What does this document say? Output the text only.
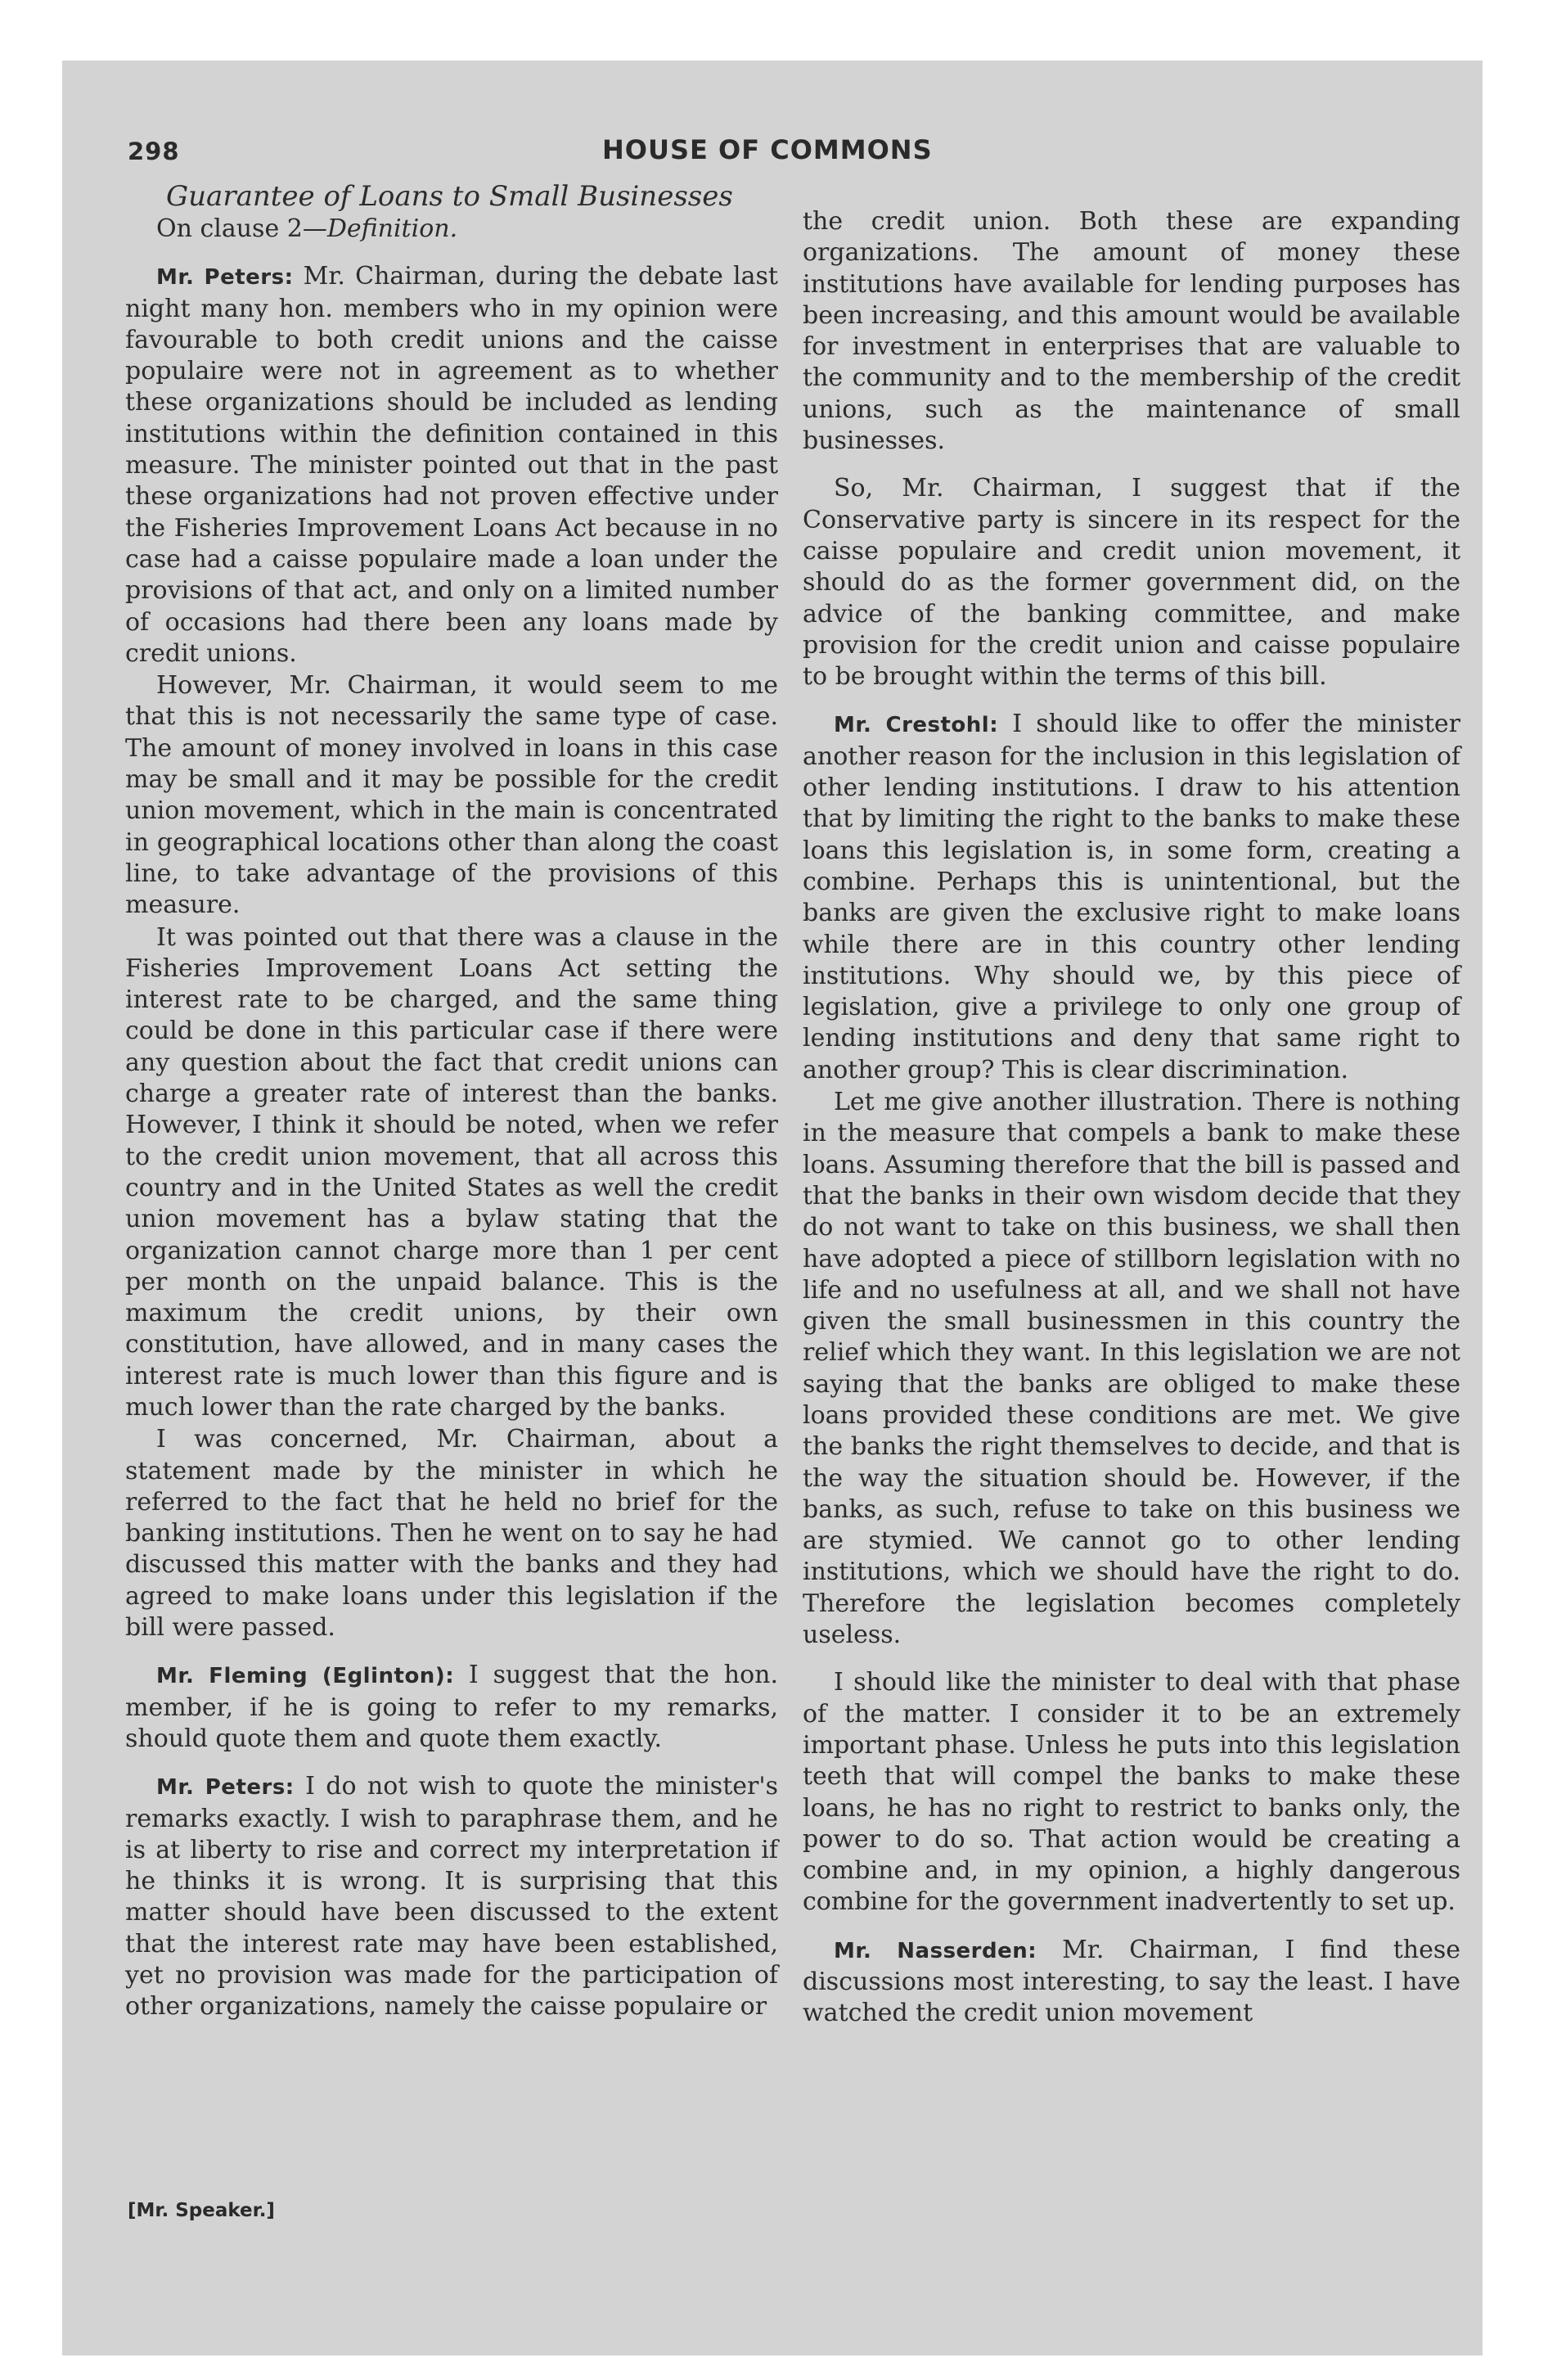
298	HOUSE OF COMMONS

Guarantee of Loans to Small Businesses

On clause 2—Definition.

Mr. Peters: Mr. Chairman, during the debate last night many hon. members who in my opinion were favourable to both credit unions and the caisse populaire were not in agreement as to whether these organizations should be included as lending institutions within the definition contained in this measure. The minister pointed out that in the past these organizations had not proven effective under the Fisheries Improvement Loans Act because in no case had a caisse populaire made a loan under the provisions of that act, and only on a limited number of occasions had there been any loans made by credit unions.

However, Mr. Chairman, it would seem to me that this is not necessarily the same type of case. The amount of money involved in loans in this case may be small and it may be possible for the credit union movement, which in the main is concentrated in geographical locations other than along the coast line, to take advantage of the provisions of this measure.

It was pointed out that there was a clause in the Fisheries Improvement Loans Act setting the interest rate to be charged, and the same thing could be done in this particular case if there were any question about the fact that credit unions can charge a greater rate of interest than the banks. However, I think it should be noted, when we refer to the credit union movement, that all across this country and in the United States as well the credit union movement has a bylaw stating that the organization cannot charge more than 1 per cent per month on the unpaid balance. This is the maximum the credit unions, by their own constitution, have allowed, and in many cases the interest rate is much lower than this figure and is much lower than the rate charged by the banks.

I was concerned, Mr. Chairman, about a statement made by the minister in which he referred to the fact that he held no brief for the banking institutions. Then he went on to say he had discussed this matter with the banks and they had agreed to make loans under this legislation if the bill were passed.

Mr. Fleming (Eglinton): I suggest that the hon. member, if he is going to refer to my remarks, should quote them and quote them exactly.

Mr. Peters: I do not wish to quote the minister's remarks exactly. I wish to paraphrase them, and he is at liberty to rise and correct my interpretation if he thinks it is wrong. It is surprising that this matter should have been discussed to the extent that the interest rate may have been established, yet no provision was made for the participation of other organizations, namely the caisse populaire or

the credit union. Both these are expanding organizations. The amount of money these institutions have available for lending purposes has been increasing, and this amount would be available for investment in enterprises that are valuable to the community and to the membership of the credit unions, such as the maintenance of small businesses.

So, Mr. Chairman, I suggest that if the Conservative party is sincere in its respect for the caisse populaire and credit union movement, it should do as the former government did, on the advice of the banking committee, and make provision for the credit union and caisse populaire to be brought within the terms of this bill.

Mr. Crestohl: I should like to offer the minister another reason for the inclusion in this legislation of other lending institutions. I draw to his attention that by limiting the right to the banks to make these loans this legislation is, in some form, creating a combine. Perhaps this is unintentional, but the banks are given the exclusive right to make loans while there are in this country other lending institutions. Why should we, by this piece of legislation, give a privilege to only one group of lending institutions and deny that same right to another group? This is clear discrimination.

Let me give another illustration. There is nothing in the measure that compels a bank to make these loans. Assuming therefore that the bill is passed and that the banks in their own wisdom decide that they do not want to take on this business, we shall then have adopted a piece of stillborn legislation with no life and no usefulness at all, and we shall not have given the small businessmen in this country the relief which they want. In this legislation we are not saying that the banks are obliged to make these loans provided these conditions are met. We give the banks the right themselves to decide, and that is the way the situation should be. However, if the banks, as such, refuse to take on this business we are stymied. We cannot go to other lending institutions, which we should have the right to do. Therefore the legislation becomes completely useless.

I should like the minister to deal with that phase of the matter. I consider it to be an extremely important phase. Unless he puts into this legislation teeth that will compel the banks to make these loans, he has no right to restrict to banks only, the power to do so. That action would be creating a combine and, in my opinion, a highly dangerous combine for the government inadvertently to set up.

Mr. Nasserden: Mr. Chairman, I find these discussions most interesting, to say the least. I have watched the credit union movement

[Mr. Speaker.]
